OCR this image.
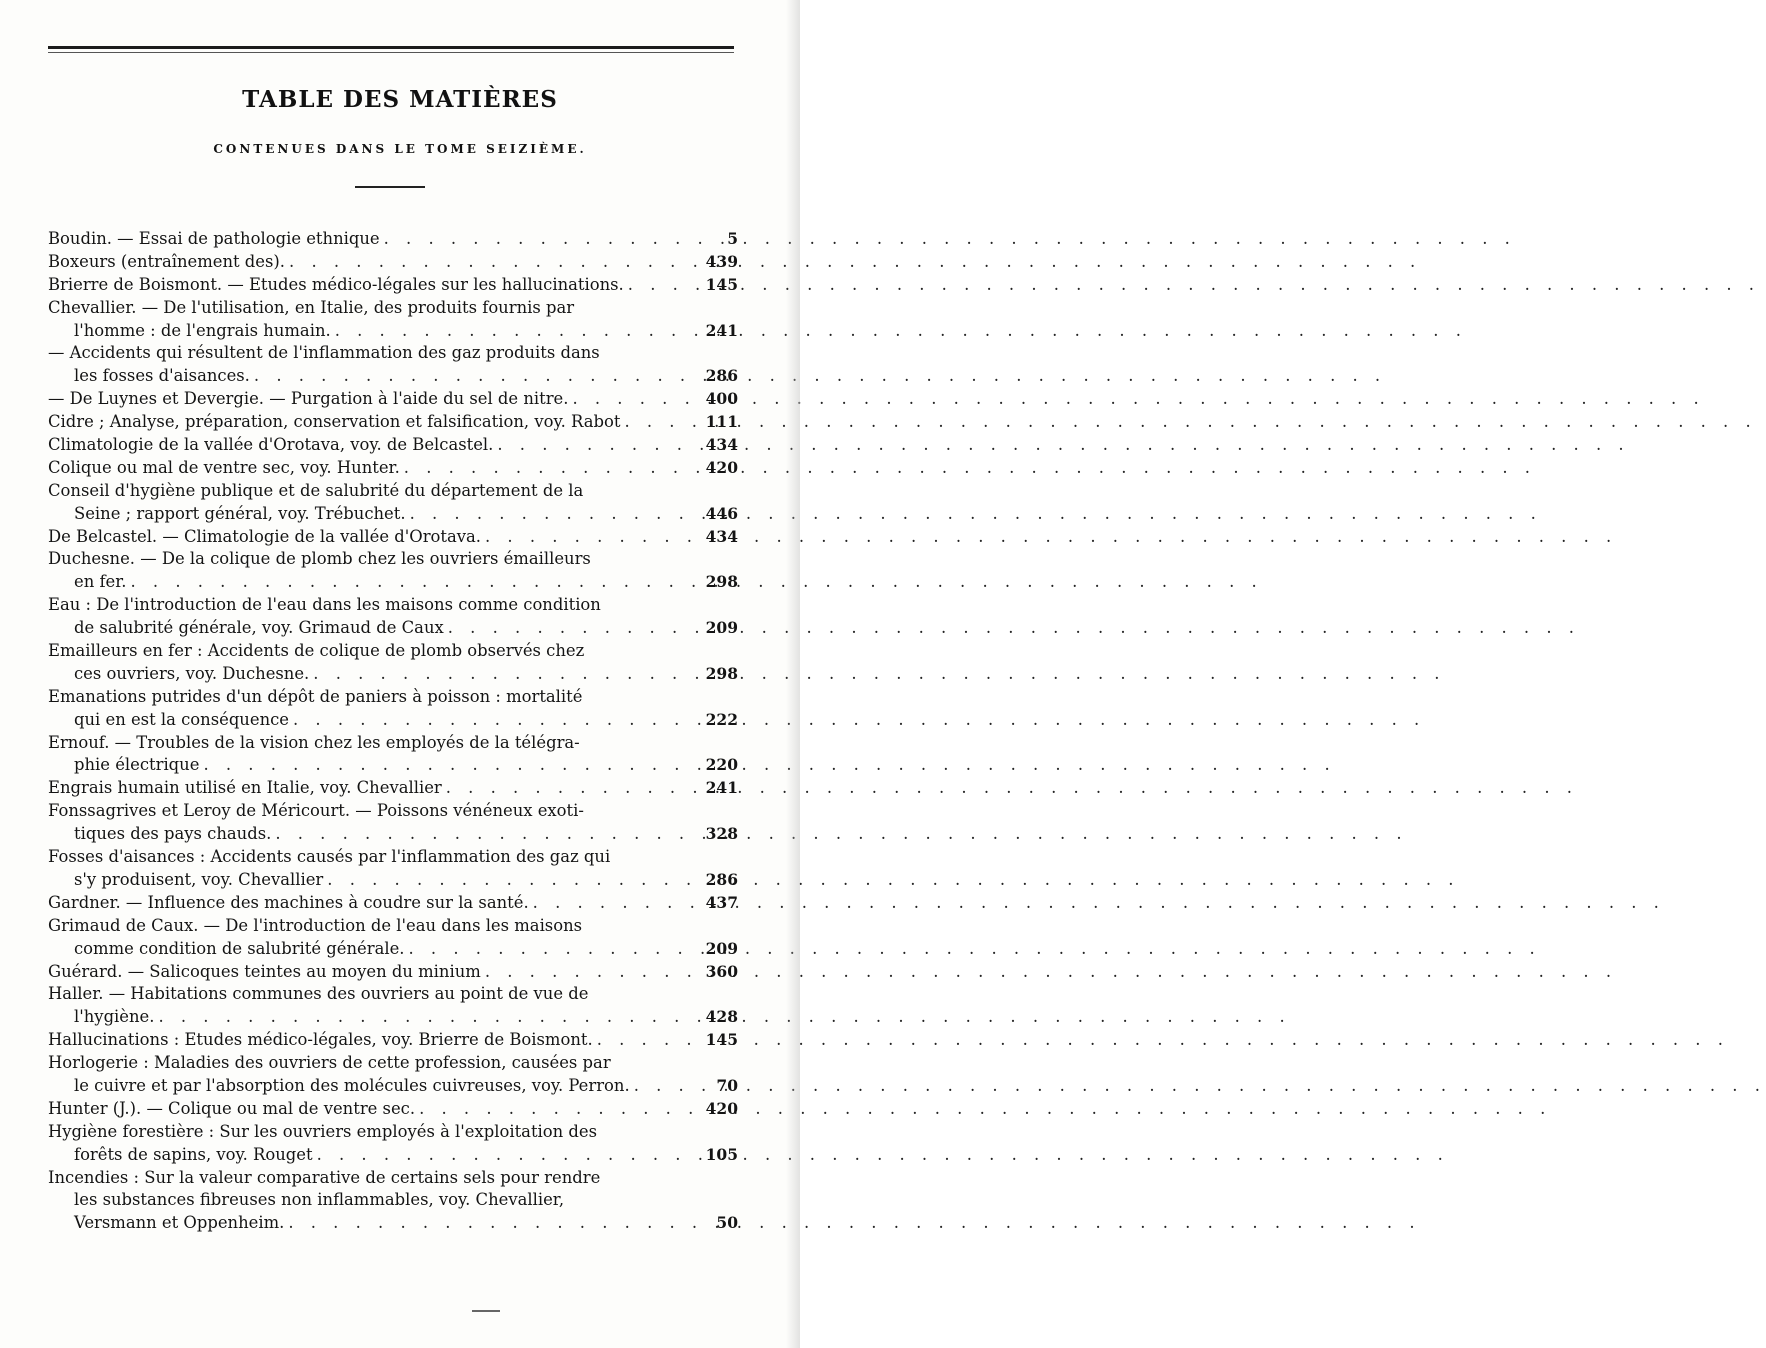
TABLE DES MATIÈRES
CONTENUES DANS LE TOME SEIZIÈME.
Boudin. — Essai de pathologie ethnique . . .	5
Boxeurs (entraînement des). . . .	439
Brierre de Boismont. — Etudes médico-légales sur les hallucinations. . . .	145
Chevallier. — De l'utilisation, en Italie, des produits fournis par
l'homme : de l'engrais humain. . . .	241
— Accidents qui résultent de l'inflammation des gaz produits dans
les fosses d'aisances. . . .	286
— De Luynes et Devergie. — Purgation à l'aide du sel de nitre. . . .	400
Cidre ; Analyse, préparation, conservation et falsification, voy. Rabot . . .	111
Climatologie de la vallée d'Orotava, voy. de Belcastel. . . .	434
Colique ou mal de ventre sec, voy. Hunter. . . .	420
Conseil d'hygiène publique et de salubrité du département de la
Seine ; rapport général, voy. Trébuchet. . . .	446
De Belcastel. — Climatologie de la vallée d'Orotava. . . .	434
Duchesne. — De la colique de plomb chez les ouvriers émailleurs
en fer. . . .	298
Eau : De l'introduction de l'eau dans les maisons comme condition
de salubrité générale, voy. Grimaud de Caux . . .	209
Emailleurs en fer : Accidents de colique de plomb observés chez
ces ouvriers, voy. Duchesne. . . .	298
Emanations putrides d'un dépôt de paniers à poisson : mortalité
qui en est la conséquence . . .	222
Ernouf. — Troubles de la vision chez les employés de la télégra-
phie électrique . . .	220
Engrais humain utilisé en Italie, voy. Chevallier . . .	241
Fonssagrives et Leroy de Méricourt. — Poissons vénéneux exoti-
tiques des pays chauds. . . .	328
Fosses d'aisances : Accidents causés par l'inflammation des gaz qui
s'y produisent, voy. Chevallier . . .	286
Gardner. — Influence des machines à coudre sur la santé. . . .	437
Grimaud de Caux. — De l'introduction de l'eau dans les maisons
comme condition de salubrité générale. . . .	209
Guérard. — Salicoques teintes au moyen du minium . . .	360
Haller. — Habitations communes des ouvriers au point de vue de
l'hygiène. . . .	428
Hallucinations : Etudes médico-légales, voy. Brierre de Boismont. . . .	145
Horlogerie : Maladies des ouvriers de cette profession, causées par
le cuivre et par l'absorption des molécules cuivreuses, voy. Perron. . . .	70
Hunter (J.). — Colique ou mal de ventre sec. . . .	420
Hygiène forestière : Sur les ouvriers employés à l'exploitation des
forêts de sapins, voy. Rouget . . .	105
Incendies : Sur la valeur comparative de certains sels pour rendre
les substances fibreuses non inflammables, voy. Chevallier,
Versmann et Oppenheim. . . .	50
